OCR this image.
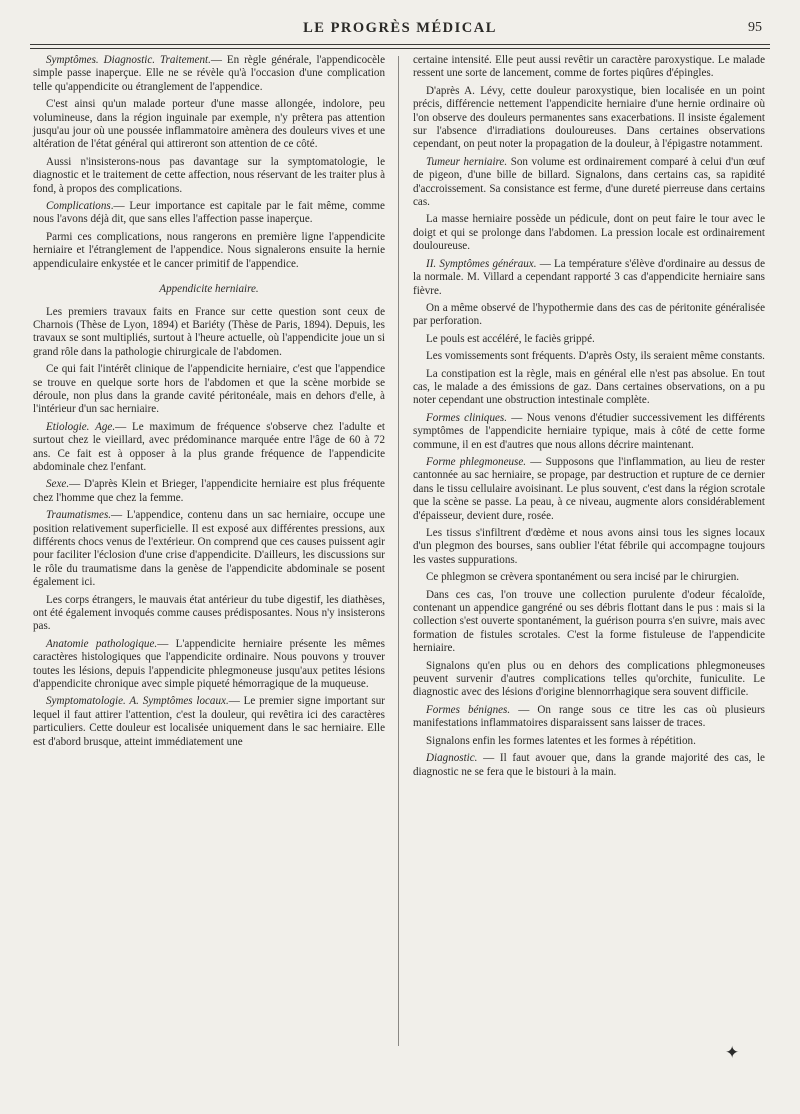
LE PROGRÈS MÉDICAL	95

Symptômes. Diagnostic. Traitement.— En règle générale, l'appendicocèle simple passe inaperçue. Elle ne se révèle qu'à l'occasion d'une complication telle qu'appendicite ou étranglement de l'appendice.

C'est ainsi qu'un malade porteur d'une masse allongée, indolore, peu volumineuse, dans la région inguinale par exemple, n'y prêtera pas attention jusqu'au jour où une poussée inflammatoire amènera des douleurs vives et une altération de l'état général qui attireront son attention de ce côté.

Aussi n'insisterons-nous pas davantage sur la symptomatologie, le diagnostic et le traitement de cette affection, nous réservant de les traiter plus à fond, à propos des complications.

Complications.— Leur importance est capitale par le fait même, comme nous l'avons déjà dit, que sans elles l'affection passe inaperçue.

Parmi ces complications, nous rangerons en première ligne l'appendicite herniaire et l'étranglement de l'appendice. Nous signalerons ensuite la hernie appendiculaire enkystée et le cancer primitif de l'appendice.

Appendicite herniaire.

Les premiers travaux faits en France sur cette question sont ceux de Charnois (Thèse de Lyon, 1894) et Bariéty (Thèse de Paris, 1894). Depuis, les travaux se sont multipliés, surtout à l'heure actuelle, où l'appendicite joue un si grand rôle dans la pathologie chirurgicale de l'abdomen.

Ce qui fait l'intérêt clinique de l'appendicite herniaire, c'est que l'appendice se trouve en quelque sorte hors de l'abdomen et que la scène morbide se déroule, non plus dans la grande cavité péritonéale, mais en dehors d'elle, à l'intérieur d'un sac herniaire.

Etiologie. Age.— Le maximum de fréquence s'observe chez l'adulte et surtout chez le vieillard, avec prédominance marquée entre l'âge de 60 à 72 ans. Ce fait est à opposer à la plus grande fréquence de l'appendicite abdominale chez l'enfant.

Sexe.— D'après Klein et Brieger, l'appendicite herniaire est plus fréquente chez l'homme que chez la femme.

Traumatismes.— L'appendice, contenu dans un sac herniaire, occupe une position relativement superficielle. Il est exposé aux différentes pressions, aux différents chocs venus de l'extérieur. On comprend que ces causes puissent agir pour faciliter l'éclosion d'une crise d'appendicite. D'ailleurs, les discussions sur le rôle du traumatisme dans la genèse de l'appendicite abdominale se posent également ici.

Les corps étrangers, le mauvais état antérieur du tube digestif, les diathèses, ont été également invoqués comme causes prédisposantes. Nous n'y insisterons pas.

Anatomie pathologique.— L'appendicite herniaire présente les mêmes caractères histologiques que l'appendicite ordinaire. Nous pouvons y trouver toutes les lésions, depuis l'appendicite phlegmoneuse jusqu'aux petites lésions d'appendicite chronique avec simple piqueté hémorragique de la muqueuse.

Symptomatologie. A. Symptômes locaux.— Le premier signe important sur lequel il faut attirer l'attention, c'est la douleur, qui revêtira ici des caractères particuliers. Cette douleur est localisée uniquement dans le sac herniaire. Elle est d'abord brusque, atteint immédiatement une

certaine intensité. Elle peut aussi revêtir un caractère paroxystique. Le malade ressent une sorte de lancement, comme de fortes piqûres d'épingles.

D'après A. Lévy, cette douleur paroxystique, bien localisée en un point précis, différencie nettement l'appendicite herniaire d'une hernie ordinaire où l'on observe des douleurs permanentes sans exacerbations. Il insiste également sur l'absence d'irradiations douloureuses. Dans certaines observations cependant, on peut noter la propagation de la douleur, à l'épigastre notamment.

Tumeur herniaire. Son volume est ordinairement comparé à celui d'un œuf de pigeon, d'une bille de billard. Signalons, dans certains cas, sa rapidité d'accroissement. Sa consistance est ferme, d'une dureté pierreuse dans certains cas.

La masse herniaire possède un pédicule, dont on peut faire le tour avec le doigt et qui se prolonge dans l'abdomen. La pression locale est ordinairement douloureuse.

II. Symptômes généraux. — La température s'élève d'ordinaire au dessus de la normale. M. Villard a cependant rapporté 3 cas d'appendicite herniaire sans fièvre.

On a même observé de l'hypothermie dans des cas de péritonite généralisée par perforation.

Le pouls est accéléré, le faciès grippé.

Les vomissements sont fréquents. D'après Osty, ils seraient même constants.

La constipation est la règle, mais en général elle n'est pas absolue. En tout cas, le malade a des émissions de gaz. Dans certaines observations, on a pu noter cependant une obstruction intestinale complète.

Formes cliniques. — Nous venons d'étudier successivement les différents symptômes de l'appendicite herniaire typique, mais à côté de cette forme commune, il en est d'autres que nous allons décrire maintenant.

Forme phlegmoneuse. — Supposons que l'inflammation, au lieu de rester cantonnée au sac herniaire, se propage, par destruction et rupture de ce dernier dans le tissu cellulaire avoisinant. Le plus souvent, c'est dans la région scrotale que la scène se passe. La peau, à ce niveau, augmente alors considérablement d'épaisseur, devient dure, rosée.

Les tissus s'infiltrent d'œdème et nous avons ainsi tous les signes locaux d'un plegmon des bourses, sans oublier l'état fébrile qui accompagne toujours les vastes suppurations.

Ce phlegmon se crèvera spontanément ou sera incisé par le chirurgien.

Dans ces cas, l'on trouve une collection purulente d'odeur fécaloïde, contenant un appendice gangréné ou ses débris flottant dans le pus : mais si la collection s'est ouverte spontanément, la guérison pourra s'en suivre, mais avec formation de fistules scrotales. C'est la forme fistuleuse de l'appendicite herniaire.

Signalons qu'en plus ou en dehors des complications phlegmoneuses peuvent survenir d'autres complications telles qu'orchite, funiculite. Le diagnostic avec des lésions d'origine blennorrhagique sera souvent difficile.

Formes bénignes. — On range sous ce titre les cas où plusieurs manifestations inflammatoires disparaissent sans laisser de traces.

Signalons enfin les formes latentes et les formes à répétition.

Diagnostic. — Il faut avouer que, dans la grande majorité des cas, le diagnostic ne se fera que le bistouri à la main.

✦
